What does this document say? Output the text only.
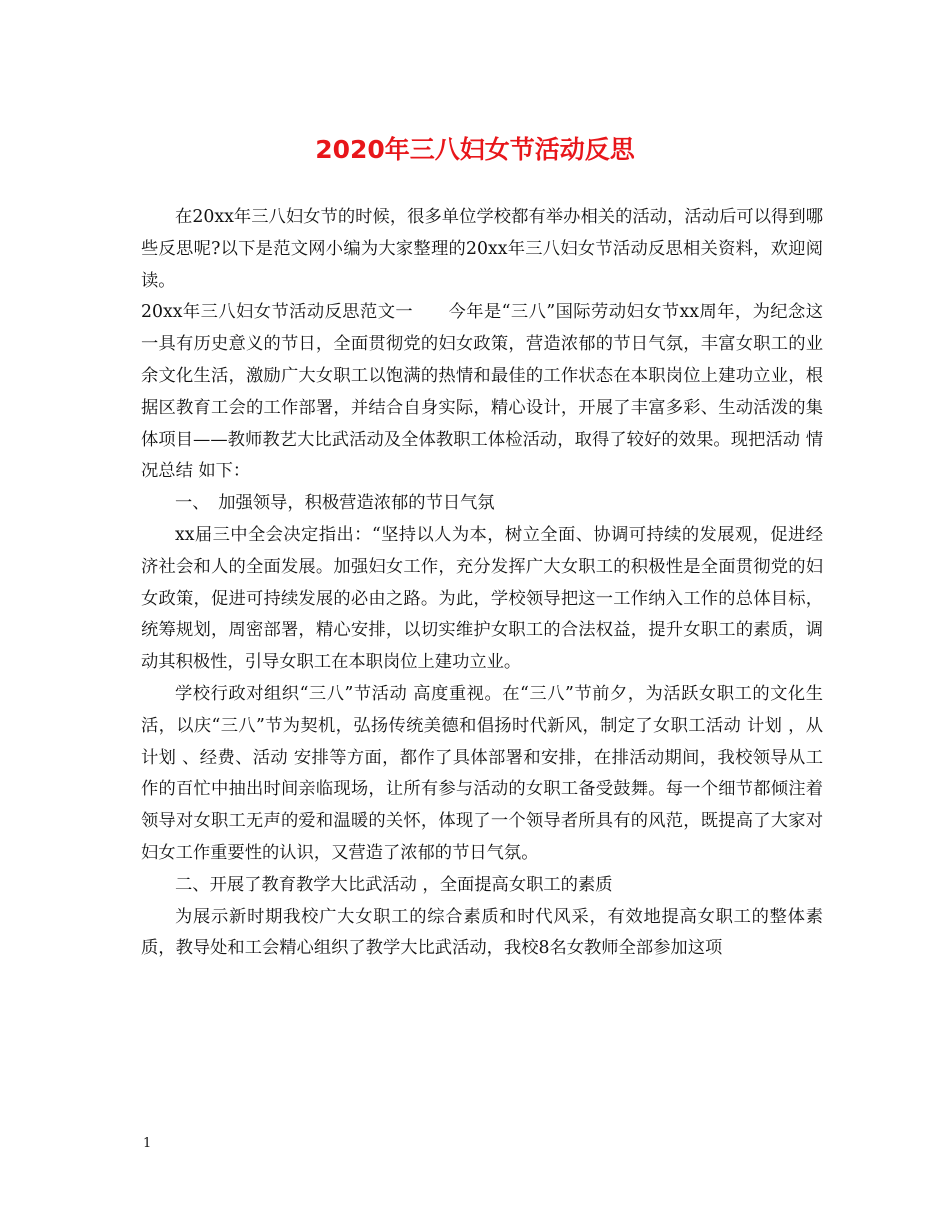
2020年三八妇女节活动反思

在20xx年三八妇女节的时候，很多单位学校都有举办相关的活动，活动后可以得到哪些反思呢?以下是范文网小编为大家整理的20xx年三八妇女节活动反思相关资料，欢迎阅读。

20xx年三八妇女节活动反思范文一　　今年是“三八”国际劳动妇女节xx周年，为纪念这一具有历史意义的节日，全面贯彻党的妇女政策，营造浓郁的节日气氛，丰富女职工的业余文化生活，激励广大女职工以饱满的热情和最佳的工作状态在本职岗位上建功立业，根据区教育工会的工作部署，并结合自身实际，精心设计，开展了丰富多彩、生动活泼的集体项目——教师教艺大比武活动及全体教职工体检活动，取得了较好的效果。现把活动 情况总结 如下：

一、　加强领导，积极营造浓郁的节日气氛

xx届三中全会决定指出：“坚持以人为本，树立全面、协调可持续的发展观，促进经济社会和人的全面发展。加强妇女工作，充分发挥广大女职工的积极性是全面贯彻党的妇女政策，促进可持续发展的必由之路。为此，学校领导把这一工作纳入工作的总体目标，统筹规划，周密部署，精心安排，以切实维护女职工的合法权益，提升女职工的素质，调动其积极性，引导女职工在本职岗位上建功立业。

学校行政对组织“三八”节活动 高度重视。在“三八”节前夕，为活跃女职工的文化生活，以庆“三八”节为契机，弘扬传统美德和倡扬时代新风，制定了女职工活动 计划 ，从计划 、经费、活动 安排等方面，都作了具体部署和安排，在排活动期间，我校领导从工作的百忙中抽出时间亲临现场，让所有参与活动的女职工备受鼓舞。每一个细节都倾注着领导对女职工无声的爱和温暖的关怀，体现了一个领导者所具有的风范，既提高了大家对妇女工作重要性的认识，又营造了浓郁的节日气氛。

二、开展了教育教学大比武活动 ，全面提高女职工的素质

为展示新时期我校广大女职工的综合素质和时代风采，有效地提高女职工的整体素质，教导处和工会精心组织了教学大比武活动，我校8名女教师全部参加这项

1
